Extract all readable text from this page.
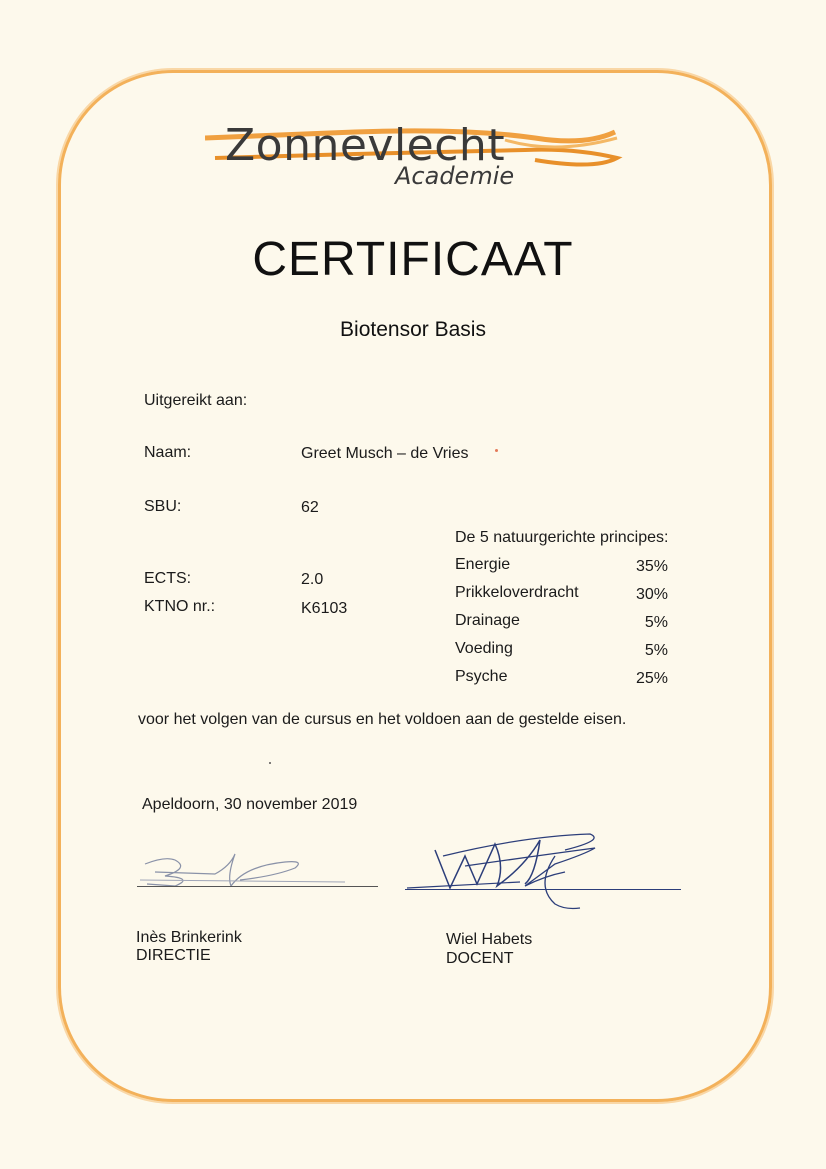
Zonnevlecht
Academie
CERTIFICAAT
Biotensor Basis
Uitgereikt aan:
Naam:	Greet Musch – de Vries
SBU:	62
ECTS:	2.0
KTNO nr.:	K6103
De 5 natuurgerichte principes:
Energie	35%
Prikkeloverdracht	30%
Drainage	5%
Voeding	5%
Psyche	25%
voor het volgen van de cursus en het voldoen aan de gestelde eisen.
Apeldoorn, 30 november 2019
Inès Brinkerink
DIRECTIE
Wiel Habets
DOCENT
